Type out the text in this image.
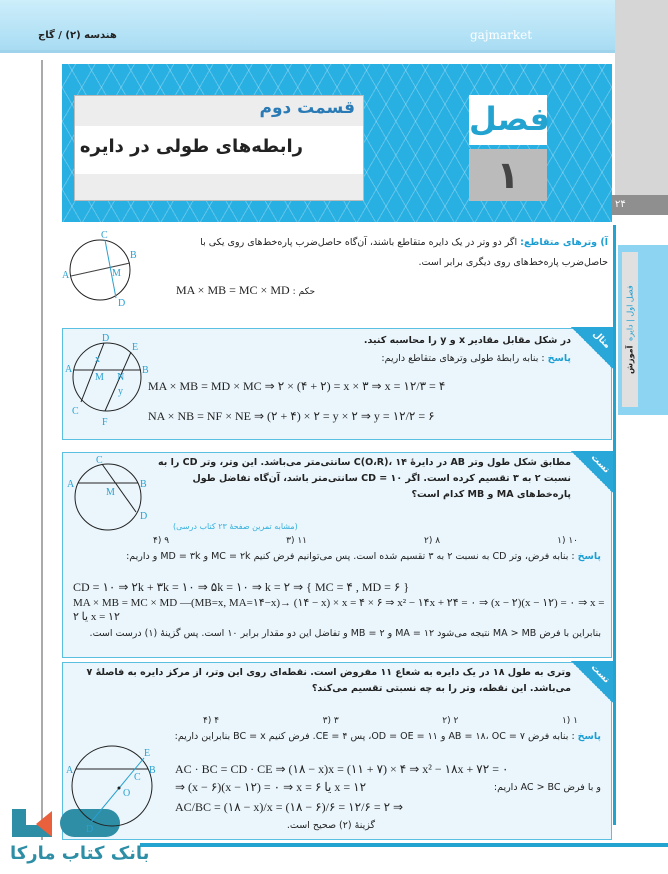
هندسه (۲) / گاج	gajmarket
۲۴
آموزش
فصل اول | دایره
قسمت دوم
رابطه‌های طولی در دایره
فصل
۱
A
B
C
D
M
آ) وترهای متقاطع: اگر دو وتر در یک دایره متقاطع باشند، آن‌گاه حاصل‌ضرب پاره‌خط‌های روی یکی با حاصل‌ضرب پاره‌خط‌های روی دیگری برابر است.
MA × MB = MC × MD : حکم
مثال
در شکل مقابل مقادیر x و y را محاسبه کنید.
پاسخ : بنابه رابطهٔ طولی وترهای متقاطع داریم:
MA × MB = MD × MC ⇒ ۲ × (۴ + ۲) = x × ۳ ⇒ x = ۱۲/۳ = ۴
NA × NB = NF × NE ⇒ (۲ + ۴) × ۲ = y × ۲ ⇒ y = ۱۲/۲ = ۶
A	B
C
D
E
F
M N
x
y
تست
مطابق شکل طول وتر AB در دایرهٔ C(O،R)، ۱۴ سانتی‌متر می‌باشد. این وتر، وتر CD را به نسبت ۲ به ۳ تقسیم کرده است. اگر CD = ۱۰ سانتی‌متر باشد، آن‌گاه تفاضل طول پاره‌خط‌های MA و MB کدام است؟
(مشابه تمرین صفحهٔ ۲۳ کتاب درسی)
۱۰ (۱
۸ (۲
۱۱ (۳
۹ (۴
پاسخ : بنابه فرض، وتر CD به نسبت ۲ به ۳ تقسیم شده است. پس می‌توانیم فرض کنیم MC = ۲k و MD = ۳k و داریم:
CD = ۱۰ ⇒ ۲k + ۳k = ۱۰ ⇒ ۵k = ۱۰ ⇒ k = ۲ ⇒ { MC = ۴ , MD = ۶ }
MA × MB = MC × MD —(MB=x, MA=۱۴−x)→ (۱۴ − x) × x = ۴ × ۶ ⇒ x² − ۱۴x + ۲۴ = ۰ ⇒ (x − ۲)(x − ۱۲) = ۰ ⇒ x = ۲ یا x = ۱۲
بنابراین با فرض MA > MB نتیجه می‌شود MA = ۱۲ و MB = ۲ و تفاضل این دو مقدار برابر ۱۰ است. پس گزینهٔ (۱) درست است.
A	B
C
D
M
تست
وتری به طول ۱۸ در یک دایره به شعاع ۱۱ مفروض است. نقطه‌ای روی این وتر، از مرکز دایره به فاصلهٔ ۷ می‌باشد. این نقطه، وتر را به چه نسبتی تقسیم می‌کند؟
۱ (۱
۲ (۲
۳ (۳
۴ (۴
پاسخ : بنابه فرض AB = ۱۸، OC = ۷ و OD = OE = ۱۱، پس CE = ۴. فرض کنیم BC = x بنابراین داریم:
AC · BC = CD · CE ⇒ (۱۸ − x)x = (۱۱ + ۷) × ۴ ⇒ x² − ۱۸x + ۷۲ = ۰
⇒ (x − ۶)(x − ۱۲) = ۰ ⇒ x = ۶ یا x = ۱۲	و با فرض AC > BC داریم:
AC/BC = (۱۸ − x)/x = (۱۸ − ۶)/۶ = ۱۲/۶ = ۲ ⇒
گزینهٔ (۲) صحیح است.
A	B
C
D
E
O
بانک کتاب مارکا
